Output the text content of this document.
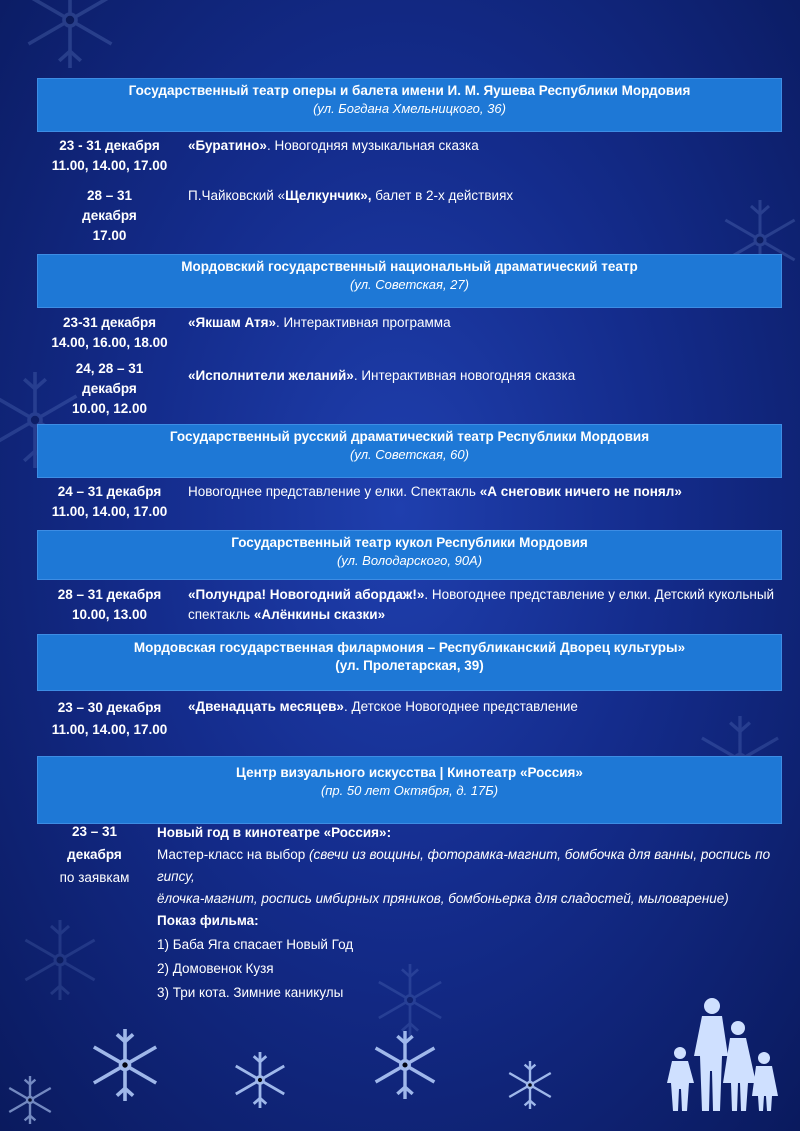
Государственный театр оперы и балета имени И. М. Яушева Республики Мордовия
(ул. Богдана Хмельницкого, 36)
23 - 31 декабря
11.00, 14.00, 17.00
«Буратино». Новогодняя музыкальная сказка
28 – 31
декабря
17.00
П.Чайковский «Щелкунчик», балет в 2-х действиях
Мордовский государственный национальный драматический театр
(ул. Советская, 27)
23-31 декабря
14.00, 16.00, 18.00
«Якшам Атя». Интерактивная программа
24, 28 – 31
декабря
10.00, 12.00
«Исполнители желаний». Интерактивная новогодняя сказка
Государственный русский драматический театр Республики Мордовия
(ул. Советская, 60)
24 – 31 декабря
11.00, 14.00, 17.00
Новогоднее представление у елки. Спектакль «А снеговик ничего не понял»
Государственный театр кукол Республики Мордовия
(ул. Володарского, 90А)
28 – 31 декабря
10.00, 13.00
«Полундра! Новогодний абордаж!». Новогоднее представление у елки. Детский кукольный
спектакль «Алёнкины сказки»
Мордовская государственная филармония – Республиканский Дворец культуры»
(ул. Пролетарская, 39)
23 – 30 декабря
11.00, 14.00, 17.00
«Двенадцать месяцев». Детское Новогоднее представление
Центр визуального искусства | Кинотеатр «Россия»
(пр. 50 лет Октября, д. 17Б)
23 – 31
декабря
по заявкам
Новый год в кинотеатре «Россия»:
Мастер-класс на выбор (свечи из вощины, фоторамка-магнит, бомбочка для ванны, роспись по гипсу,
ёлочка-магнит, роспись имбирных пряников, бомбоньерка для сладостей, мыловарение)
Показ фильма:
1) Баба Яга спасает Новый Год
2) Домовенок Кузя
3) Три кота. Зимние каникулы
